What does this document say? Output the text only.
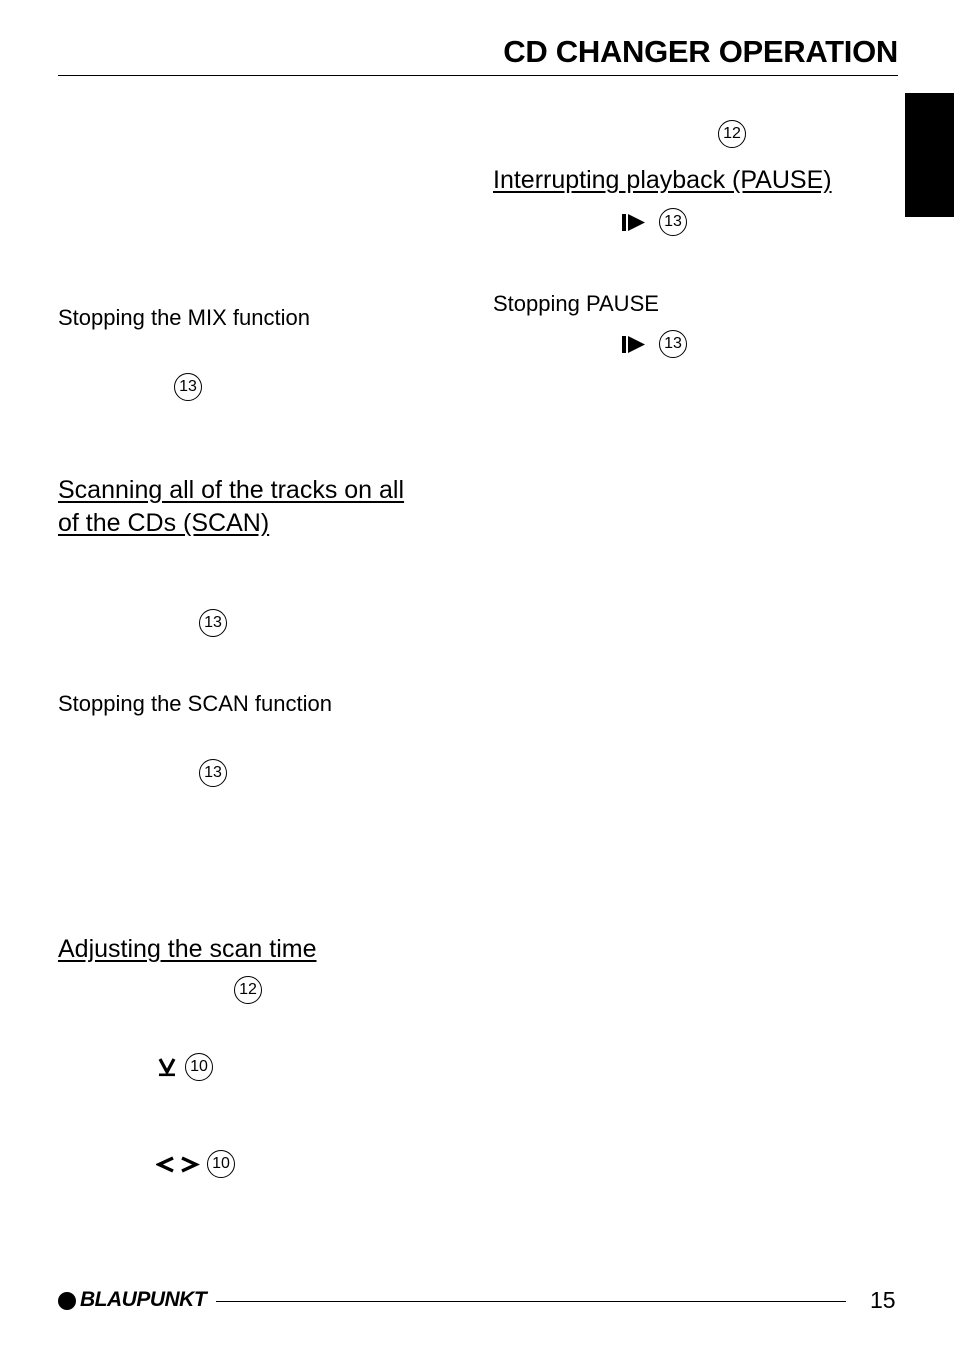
CD CHANGER OPERATION
12
Interrupting playback (PAUSE)
13
Stopping PAUSE
13
Stopping the MIX function
13
Scanning all of the tracks on all
of the CDs (SCAN)
13
Stopping the SCAN function
13
Adjusting the scan time
12
10
10
BLAUPUNKT	15
